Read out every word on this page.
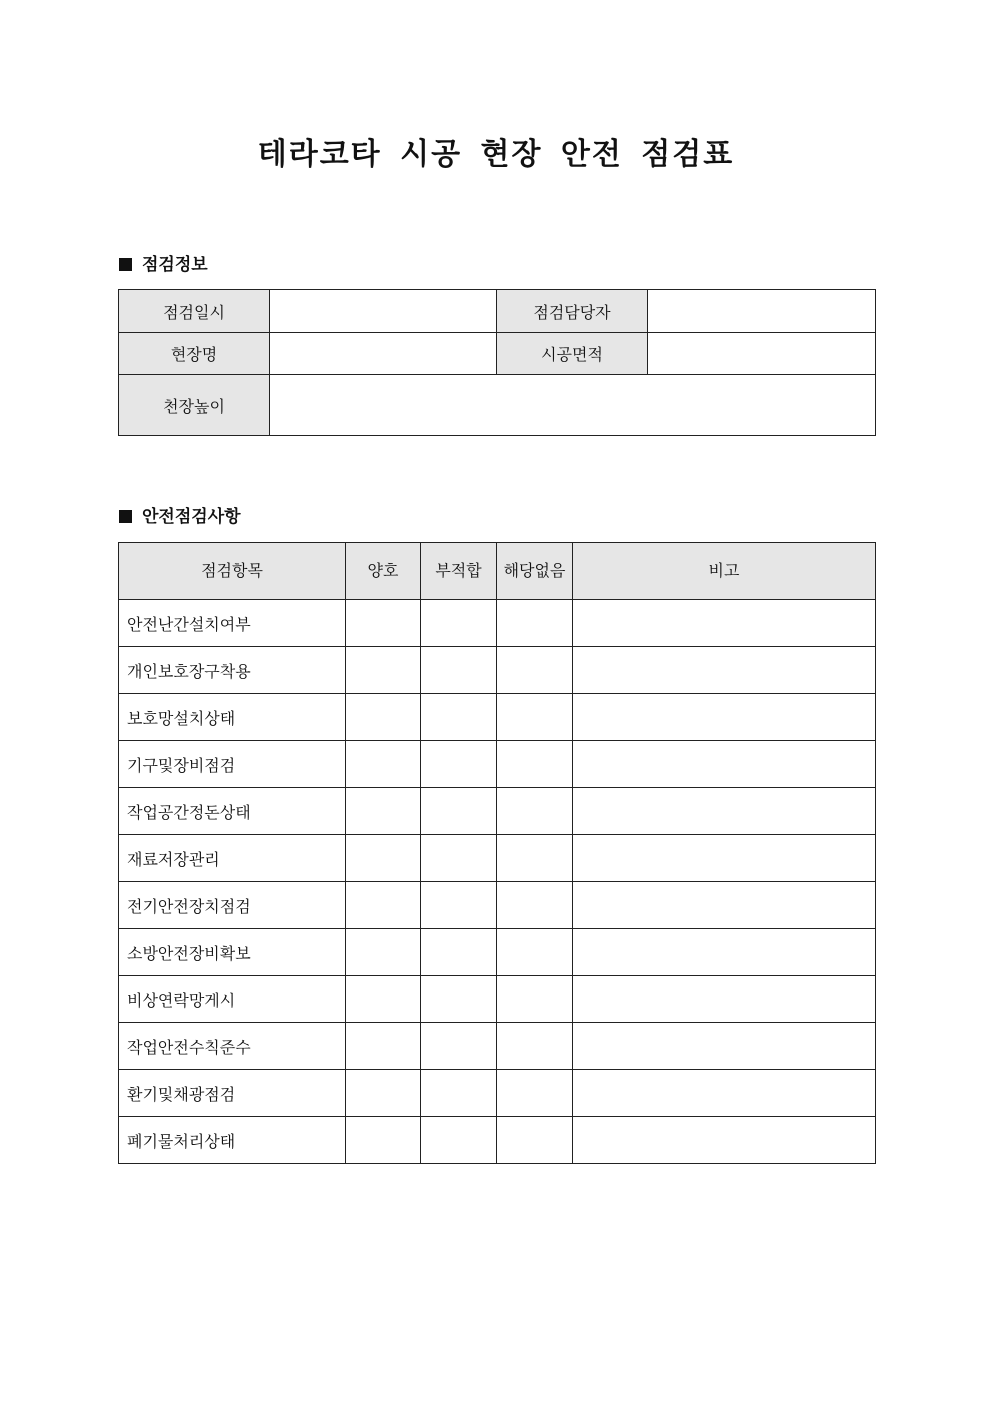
테라코타 시공 현장 안전 점검표
점검정보
점검일시		점검담당자	
현장명		시공면적	
천장높이			
안전점검사항
점검항목	양호	부적합	해당없음	비고
안전난간설치여부				
개인보호장구착용				
보호망설치상태				
기구및장비점검				
작업공간정돈상태				
재료저장관리				
전기안전장치점검				
소방안전장비확보				
비상연락망게시				
작업안전수칙준수				
환기및채광점검				
폐기물처리상태				
